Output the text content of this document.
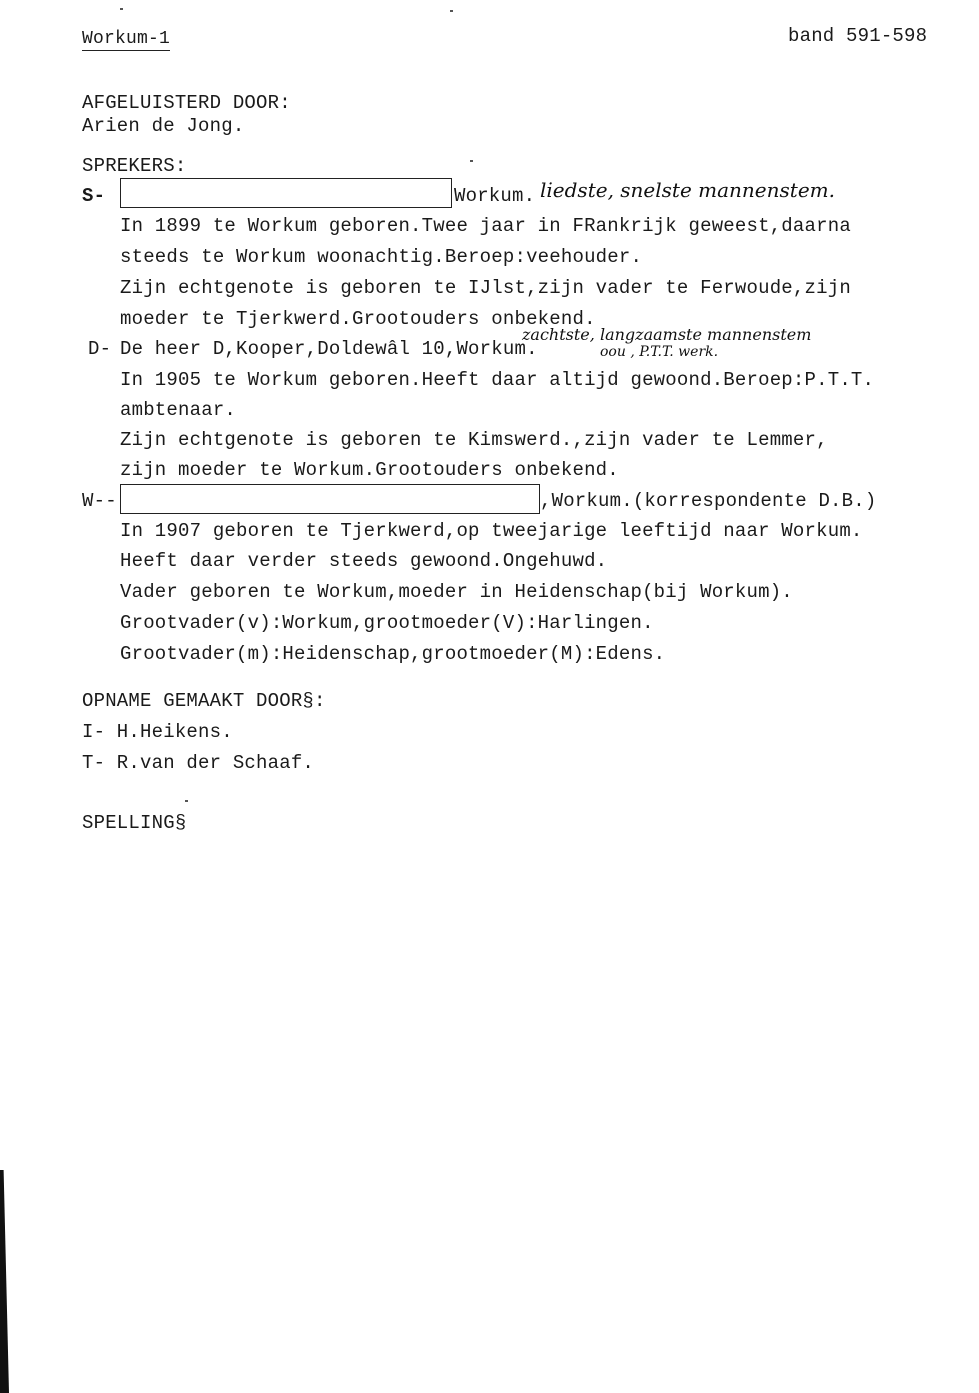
Workum-1	band 591-598
AFGELUISTERD DOOR:
Arien de Jong.
SPREKERS:
S-	Workum. liedste, snelste mannenstem.
In 1899 te Workum geboren.Twee jaar in FRankrijk geweest,daarna
steeds te Workum woonachtig.Beroep:veehouder.
Zijn echtgenote is geboren te IJlst,zijn vader te Ferwoude,zijn
moeder te Tjerkwerd.Grootouders onbekend.
D- De heer D,Kooper,Doldewâl 10,Workum.
zachtste, langzaamste mannenstem
oou , P.T.T. werk.
In 1905 te Workum geboren.Heeft daar altijd gewoond.Beroep:P.T.T.
ambtenaar.
Zijn echtgenote is geboren te Kimswerd.,zijn vader te Lemmer,
zijn moeder te Workum.Grootouders onbekend.
W--	,Workum.(korrespondente D.B.)
In 1907 geboren te Tjerkwerd,op tweejarige leeftijd naar Workum.
Heeft daar verder steeds gewoond.Ongehuwd.
Vader geboren te Workum,moeder in Heidenschap(bij Workum).
Grootvader(v):Workum,grootmoeder(V):Harlingen.
Grootvader(m):Heidenschap,grootmoeder(M):Edens.
OPNAME GEMAAKT DOOR§:
I- H.Heikens.
T- R.van der Schaaf.
SPELLING§
